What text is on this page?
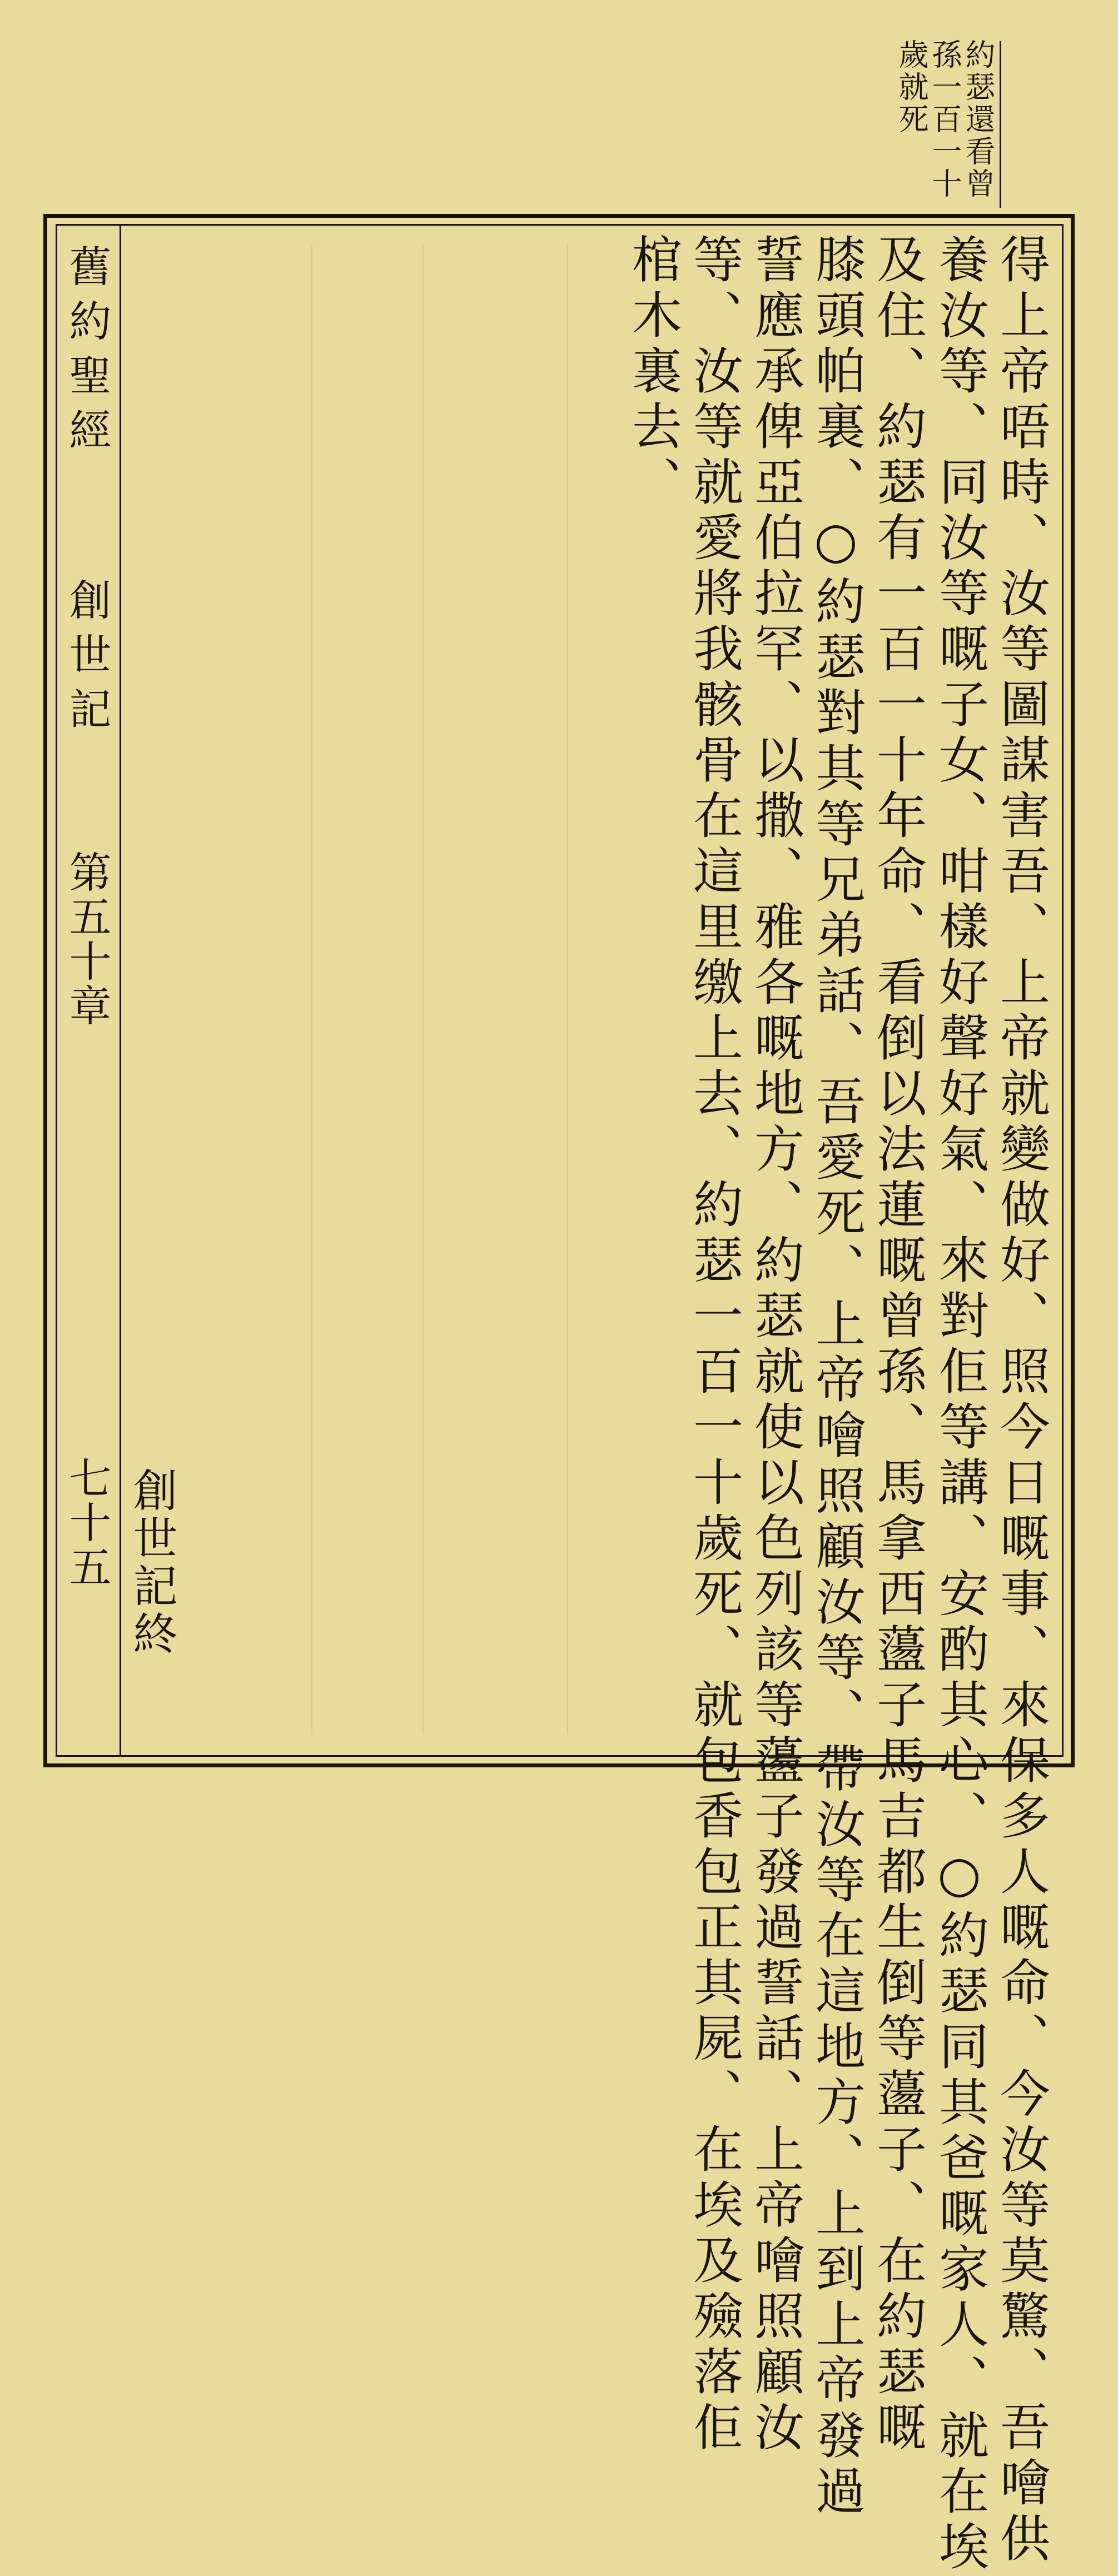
約瑟還看曾
孫一百一十
歲就死
舊約聖經
創世記
第五十章
七十五	得上帝唔時、汝等圖謀害吾、上帝就變做好、照今日嘅事、來保多人嘅命、今汝等莫驚、吾噲供
養汝等、同汝等嘅子女、咁樣好聲好氣、來對佢等講、安酌其心、○約瑟同其爸嘅家人、就在埃
及住、約瑟有一百一十年命、看倒以法蓮嘅曾孫、馬拿西蘯子馬吉都生倒等蘯子、在約瑟嘅
膝頭帕裏、○約瑟對其等兄弟話、吾愛死、上帝噲照顧汝等、帶汝等在這地方、上到上帝發過
誓應承俾亞伯拉罕、以撒、雅各嘅地方、約瑟就使以色列該等蘯子發過誓話、上帝噲照顧汝
等、汝等就愛將我骸骨在這里缴上去、約瑟一百一十歲死、就包香包正其屍、在埃及殮落佢
棺木裏去、
創世記終
